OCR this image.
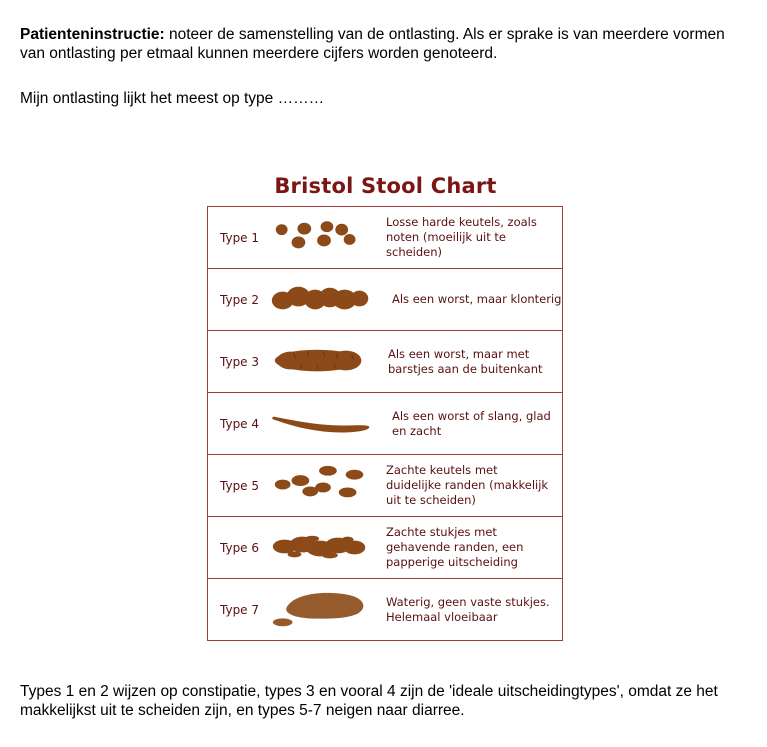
Patienteninstructie: noteer de samenstelling van de ontlasting. Als er sprake is van meerdere vormen van ontlasting per etmaal kunnen meerdere cijfers worden genoteerd.

Mijn ontlasting lijkt het meest op type ………

Bristol Stool Chart
Type 1
Losse harde keutels, zoals noten (moeilijk uit te scheiden)
Type 2	Als een worst, maar klonterig
Type 3
Als een worst, maar met barstjes aan de buitenkant
Type 4
Als een worst of slang, glad en zacht
Type 5
Zachte keutels met duidelijke randen (makkelijk uit te scheiden)
Type 6
Zachte stukjes met gehavende randen, een papperige uitscheiding
Type 7
Waterig, geen vaste stukjes. Helemaal vloeibaar

Types 1 en 2 wijzen op constipatie, types 3 en vooral 4 zijn de 'ideale uitscheidingtypes', omdat ze het makkelijkst uit te scheiden zijn, en types 5-7 neigen naar diarree.
